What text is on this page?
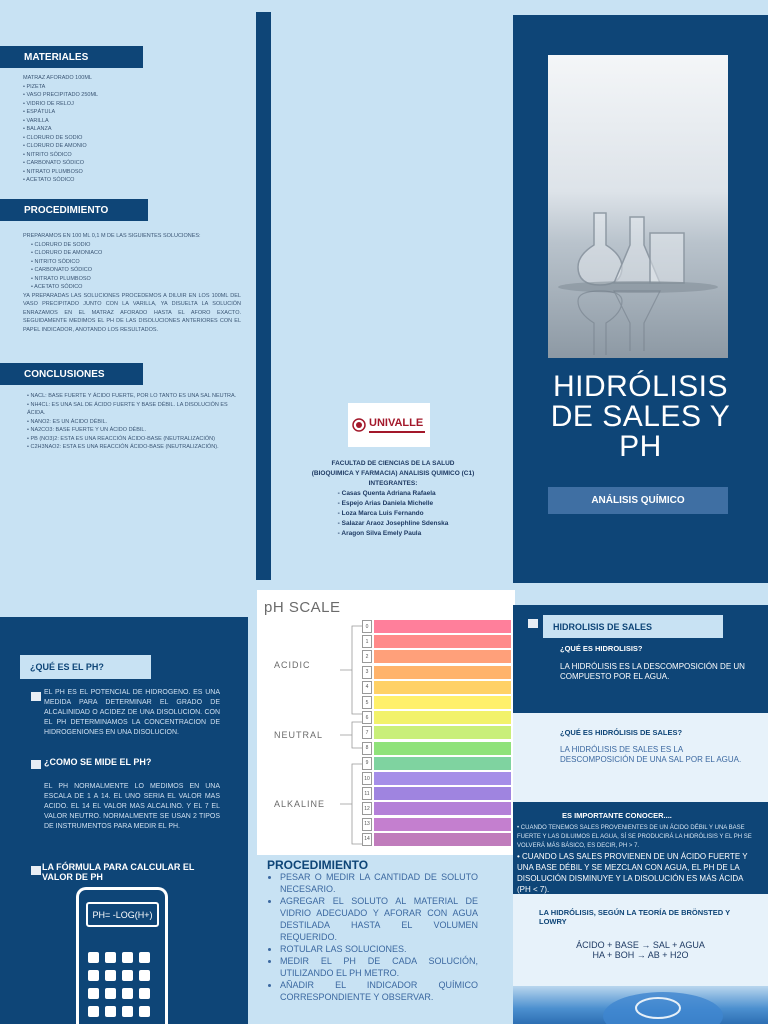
MATERIALES
MATRAZ AFORADO 100ML
• PIZETA
• VASO PRECIPITADO 250ML
• VIDRIO DE RELOJ
• ESPÁTULA
• VARILLA
• BALANZA
• CLORURO DE SODIO
• CLORURO DE AMONIO
• NITRITO SÓDICO
• CARBONATO SÓDICO
• NITRATO PLUMBOSO
• ACETATO SÓDICO
PROCEDIMIENTO
PREPARAMOS EN 100 ML 0,1 M DE LAS SIGUIENTES SOLUCIONES:
• CLORURO DE SODIO
• CLORURO DE AMONIACO
• NITRITO SÓDICO
• CARBONATO SÓDICO
• NITRATO PLUMBOSO
• ACETATO SÓDICO
YA PREPARADAS LAS SOLUCIONES PROCEDEMOS A DILUIR EN LOS 100ML DEL VASO PRECIPITADO JUNTO CON LA VARILLA, YA DISUELTA LA SOLUCIÓN ENRAZAMOS EN EL MATRAZ AFORADO HASTA EL AFORO EXACTO. SEGUIDAMENTE MEDIMOS EL PH DE LAS DISOLUCIONES ANTERIORES CON EL PAPEL INDICADOR, ANOTANDO LOS RESULTADOS.
CONCLUSIONES
• NACL: BASE FUERTE Y ÁCIDO FUERTE, POR LO TANTO ES UNA SAL NEUTRA.
• NH4CL: ES UNA SAL DE ÁCIDO FUERTE Y BASE DÉBIL. LA DISOLUCIÓN ES ÁCIDA.
• NANO2: ES UN ÁCIDO DÉBIL.
• NA2CO3: BASE FUERTE Y UN ÁCIDO DÉBIL.
• PB (NO3)2: ESTA ES UNA REACCIÓN ÁCIDO-BASE (NEUTRALIZACIÓN)
• C2H3NAO2: ESTA ES UNA REACCIÓN ÁCIDO-BASE (NEUTRALIZACIÓN).
UNIVALLE
FACULTAD DE CIENCIAS DE LA SALUD
(BIOQUIMICA Y FARMACIA) ANALISIS QUIMICO (C1)
INTEGRANTES:
- Casas Quenta Adriana Rafaela
- Espejo Arias Daniela Michelle
- Loza Marca Luis Fernando
- Salazar Araoz Josephline Sdenska
- Aragon Silva Emely Paula
HIDRÓLISIS
DE SALES Y
PH
ANÁLISIS QUÍMICO
¿QUÉ ES EL PH?
EL PH ES EL POTENCIAL DE HIDROGENO. ES UNA MEDIDA PARA DETERMINAR EL GRADO DE ALCALINIDAD O ACIDEZ DE UNA DISOLUCION. CON EL PH DETERMINAMOS LA CONCENTRACION DE HIDROGENIONES EN UNA DISOLUCION.
¿COMO SE MIDE EL PH?
EL PH NORMALMENTE LO MEDIMOS EN UNA ESCALA DE 1 A 14. EL UNO SERIA EL VALOR MAS ACIDO. EL 14 EL VALOR MAS ALCALINO. Y EL 7 EL VALOR NEUTRO. NORMALMENTE SE USAN 2 TIPOS DE INSTRUMENTOS PARA MEDIR EL PH.
LA FÓRMULA PARA CALCULAR EL VALOR DE PH
PH= -LOG(H+)
pH SCALE
ACIDIC
NEUTRAL
ALKALINE
0
1
2
3
4
5
6
7
8
9
10
11
12
13
14
PROCEDIMIENTO
• PESAR O MEDIR LA CANTIDAD DE SOLUTO NECESARIO.
• AGREGAR EL SOLUTO AL MATERIAL DE VIDRIO ADECUADO Y AFORAR CON AGUA DESTILADA HASTA EL VOLUMEN REQUERIDO.
• ROTULAR LAS SOLUCIONES.
• MEDIR EL PH DE CADA SOLUCIÓN, UTILIZANDO EL PH METRO.
• AÑADIR EL INDICADOR QUÍMICO CORRESPONDIENTE Y OBSERVAR.
HIDROLISIS DE SALES
¿QUÉ ES HIDROLISIS?
LA HIDRÓLISIS ES LA DESCOMPOSICIÓN DE UN COMPUESTO POR EL AGUA.
¿QUÉ ES HIDRÓLISIS DE SALES?
LA HIDRÓLISIS DE SALES ES LA DESCOMPOSICIÓN DE UNA SAL POR EL AGUA.
ES IMPORTANTE CONOCER....
• CUANDO TENEMOS SALES PROVENIENTES DE UN ÁCIDO DÉBIL Y UNA BASE FUERTE Y LAS DILUIMOS EL AGUA, SÍ SE PRODUCIRÁ LA HIDRÓLISIS Y EL PH SE VOLVERÁ MÁS BÁSICO, ES DECIR, PH > 7.
• CUANDO LAS SALES PROVIENEN DE UN ÁCIDO FUERTE Y UNA BASE DÉBIL Y SE MEZCLAN CON AGUA, EL PH DE LA DISOLUCIÓN DISMINUYE Y LA DISOLUCIÓN ES MÁS ÁCIDA (PH < 7).
LA HIDRÓLISIS, SEGÚN LA TEORÍA DE BRÖNSTED Y LOWRY
ÁCIDO + BASE → SAL + AGUA
HA + BOH → AB + H2O
